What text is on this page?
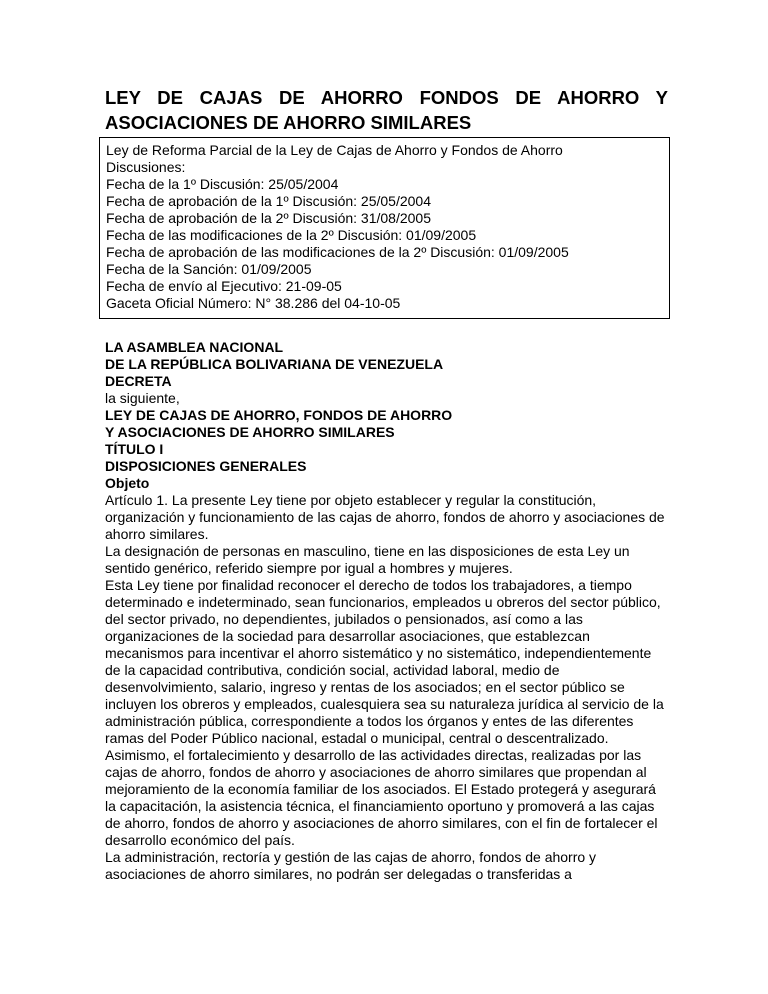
LEY DE CAJAS DE AHORRO FONDOS DE AHORRO Y ASOCIACIONES DE AHORRO SIMILARES

Ley de Reforma Parcial de la Ley de Cajas de Ahorro y Fondos de Ahorro

Discusiones:

Fecha de la 1º Discusión: 25/05/2004

Fecha de aprobación de la 1º Discusión: 25/05/2004

Fecha de aprobación de la 2º Discusión: 31/08/2005

Fecha de las modificaciones de la 2º Discusión: 01/09/2005

Fecha de aprobación de las modificaciones de la 2º Discusión: 01/09/2005

Fecha de la Sanción: 01/09/2005

Fecha de envío al Ejecutivo: 21-09-05

Gaceta Oficial Número: N° 38.286 del 04-10-05

LA ASAMBLEA NACIONAL

DE LA REPÚBLICA BOLIVARIANA DE VENEZUELA

DECRETA

la siguiente,

LEY DE CAJAS DE AHORRO, FONDOS DE AHORRO

Y ASOCIACIONES DE AHORRO SIMILARES

TÍTULO I

DISPOSICIONES GENERALES

Objeto

Artículo 1. La presente Ley tiene por objeto establecer y regular la constitución, organización y funcionamiento de las cajas de ahorro, fondos de ahorro y asociaciones de ahorro similares.

La designación de personas en masculino, tiene en las disposiciones de esta Ley un sentido genérico, referido siempre por igual a hombres y mujeres.

Esta Ley tiene por finalidad reconocer el derecho de todos los trabajadores, a tiempo determinado e indeterminado, sean funcionarios, empleados u obreros del sector público, del sector privado, no dependientes, jubilados o pensionados, así como a las organizaciones de la sociedad para desarrollar asociaciones, que establezcan mecanismos para incentivar el ahorro sistemático y no sistemático, independientemente de la capacidad contributiva, condición social, actividad laboral, medio de desenvolvimiento, salario, ingreso y rentas de los asociados; en el sector público se incluyen los obreros y empleados, cualesquiera sea su naturaleza jurídica al servicio de la administración pública, correspondiente a todos los órganos y entes de las diferentes ramas del Poder Público nacional, estadal o municipal, central o descentralizado.

Asimismo, el fortalecimiento y desarrollo de las actividades directas, realizadas por las cajas de ahorro, fondos de ahorro y asociaciones de ahorro similares que propendan al mejoramiento de la economía familiar de los asociados. El Estado protegerá y asegurará la capacitación, la asistencia técnica, el financiamiento oportuno y promoverá a las cajas de ahorro, fondos de ahorro y asociaciones de ahorro similares, con el fin de fortalecer el desarrollo económico del país.

La administración, rectoría y gestión de las cajas de ahorro, fondos de ahorro y asociaciones de ahorro similares, no podrán ser delegadas o transferidas a
